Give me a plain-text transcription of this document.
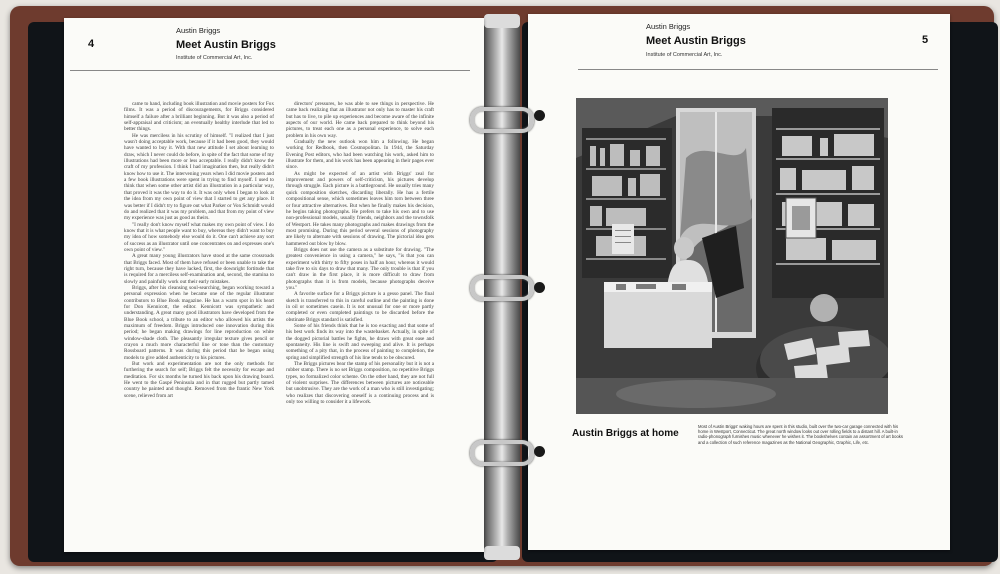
4
Austin Briggs
Meet Austin Briggs
Institute of Commercial Art, Inc.

came to hand, including book illustration and movie posters for Fox films. It was a period of discouragements, for Briggs considered himself a failure after a brilliant beginning. But it was also a period of self-appraisal and criticism; an eventually healthy interlude that led to better things.

He was merciless in his scrutiny of himself. "I realized that I just wasn't doing acceptable work, because if it had been good, they would have wanted to buy it. With that new attitude I set about learning to draw, which I never could do before, in spite of the fact that some of my illustrations had been more or less acceptable. I really didn't know the craft of my profession. I think I had imagination then, but really didn't know how to use it. The intervening years when I did movie posters and a few book illustrations were spent in trying to find myself. I used to think that when some other artist did an illustration in a particular way, that proved it was the way to do it. It was only when I began to look at the idea from my own point of view that I started to get any place. It was better if I didn't try to figure out what Parker or Von Schmidt would do and realized that it was my problem, and that from my point of view my experience was just as good as theirs.

"I really don't know myself what makes my own point of view. I do know that it is what people want to buy, whereas they didn't want to buy my idea of how somebody else would do it. One can't achieve any sort of success as an illustrator until one concentrates on and expresses one's own point of view."

A great many young illustrators have stood at the same crossroads that Briggs faced. Most of them have refused or been unable to take the right turn, because they have lacked, first, the downright fortitude that is required for a merciless self-examination and, second, the stamina to slowly and painfully work out their early mistakes.

Briggs, after his cleansing soul-searching, began working toward a personal expression when he became one of the regular illustrator contributors to Blue Book magazine. He has a warm spot in his heart for Don Kennicott, the editor. Kennicott was sympathetic and understanding. A great many good illustrators have developed from the Blue Book school, a tribute to an editor who allowed his artists the maximum of freedom. Briggs introduced one innovation during this period; he began making drawings for line reproduction on white window-shade cloth. The pleasantly irregular texture gives pencil or crayon a much more characterful line or tone than the customary Rossboard patterns. It was during this period that he began using models to give added authenticity to his pictures.

But work and experimentation are not the only methods for furthering the search for self; Briggs felt the necessity for escape and meditation. For six months he turned his back upon his drawing board. He went to the Gaspé Peninsula and in that rugged but partly tamed country he painted and thought. Removed from the frantic New York scene, relieved from art

directors' pressures, he was able to see things in perspective. He came back realizing that an illustrator not only has to master his craft but has to live, to pile up experiences and become aware of the infinite aspects of our world. He came back prepared to think beyond his pictures, to treat each one as a personal experience, to solve each problem in his own way.

Gradually the new outlook won him a following. He began working for Redbook, then Cosmopolitan. In 1944, the Saturday Evening Post editors, who had been watching his work, asked him to illustrate for them, and his work has been appearing in their pages ever since.

As might be expected of an artist with Briggs' zeal for improvement and powers of self-criticism, his pictures develop through struggle. Each picture is a battleground. He usually tries many quick composition sketches, discarding liberally. He has a fertile compositional sense, which sometimes leaves him torn between three or four attractive alternatives. But when he finally makes his decision, he begins taking photographs. He prefers to take his own and to use non-professional models, usually friends, neighbors and the townsfolk of Westport. He takes many photographs and makes drawings from the most promising. During this period several sessions of photography are likely to alternate with sessions of drawing. The pictorial idea gets hammered out blow by blow.

Briggs does not use the camera as a substitute for drawing. "The greatest convenience in using a camera," he says, "is that you can experiment with thirty to fifty poses in half an hour, whereas it would take five to six days to draw that many. The only trouble is that if you can't draw in the first place, it is more difficult to draw from photographs than it is from models, because photographs deceive you."

A favorite surface for a Briggs picture is a gesso panel. The final sketch is transferred to this in careful outline and the painting is done in oil or sometimes casein. It is not unusual for one or more partly completed or even completed paintings to be discarded before the obstinate Briggs standard is satisfied.

Some of his friends think that he is too exacting and that some of his best work finds its way into the wastebasket. Actually, in spite of the dogged pictorial battles he fights, he draws with great ease and spontaneity. His line is swift and sweeping and alive. It is perhaps something of a pity that, in the process of painting to completion, the spring and simplified strength of his line tends to be obscured.

The Briggs pictures bear the stamp of his personality but it is not a rubber stamp. There is no set Briggs composition, no repetitive Briggs types, no formalized color scheme. On the other hand, they are not full of violent surprises. The differences between pictures are noticeable but unobtrusive. They are the work of a man who is still investigating; who realizes that discovering oneself is a continuing process and is only too willing to consider it a lifework.

Austin Briggs
Meet Austin Briggs
Institute of Commercial Art, Inc.
5
Austin Briggs at home
Most of Austin Briggs' waking hours are spent in this studio, built over the two-car garage connected with his home in Westport, Connecticut. The great north window looks out over rolling fields to a distant hill. A built-in radio-phonograph furnishes music whenever he wishes it. The bookshelves contain an assortment of art books and a collection of such reference magazines as the National Geographic, Graphic, Life, etc.
